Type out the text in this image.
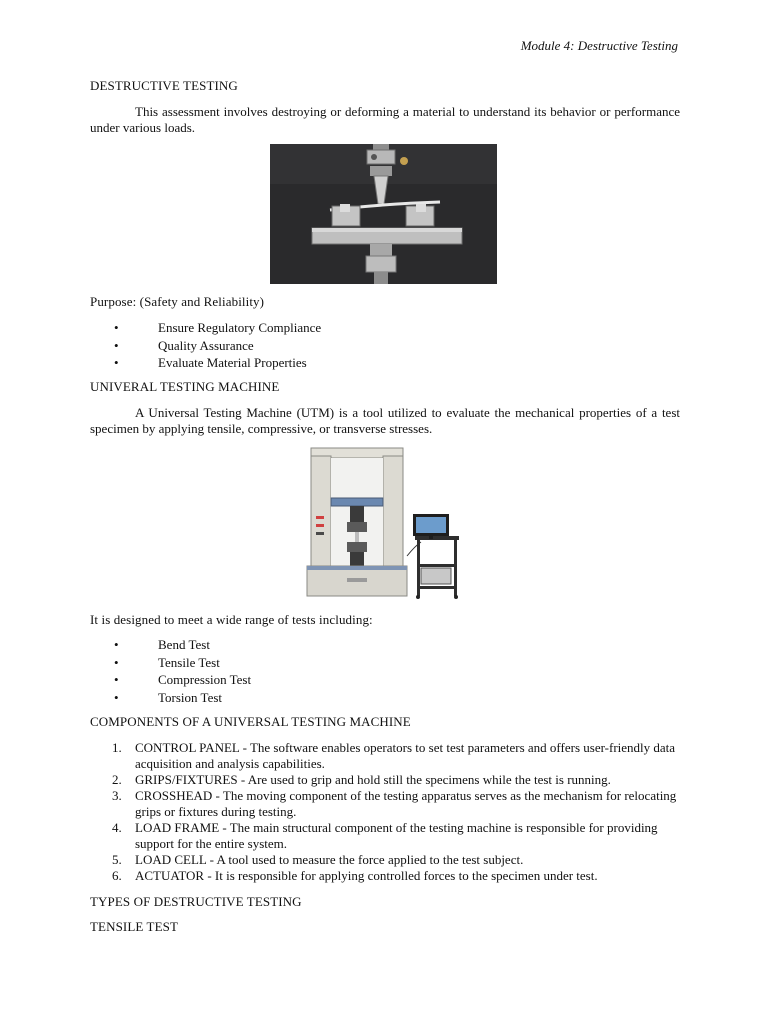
Module 4: Destructive Testing
DESTRUCTIVE TESTING
This assessment involves destroying or deforming a material to understand its behavior or performance under various loads.
Purpose: (Safety and Reliability)
•	Ensure Regulatory Compliance
•	Quality Assurance
•	Evaluate Material Properties
UNIVERAL TESTING MACHINE
A Universal Testing Machine (UTM) is a tool utilized to evaluate the mechanical properties of a test specimen by applying tensile, compressive, or transverse stresses.
It is designed to meet a wide range of tests including:
•	Bend Test
•	Tensile Test
•	Compression Test
•	Torsion Test
COMPONENTS OF A UNIVERSAL TESTING MACHINE
1. CONTROL PANEL - The software enables operators to set test parameters and offers user-friendly data acquisition and analysis capabilities.
2. GRIPS/FIXTURES - Are used to grip and hold still the specimens while the test is running.
3. CROSSHEAD - The moving component of the testing apparatus serves as the mechanism for relocating grips or fixtures during testing.
4. LOAD FRAME - The main structural component of the testing machine is responsible for providing support for the entire system.
5. LOAD CELL - A tool used to measure the force applied to the test subject.
6. ACTUATOR - It is responsible for applying controlled forces to the specimen under test.
TYPES OF DESTRUCTIVE TESTING
TENSILE TEST
